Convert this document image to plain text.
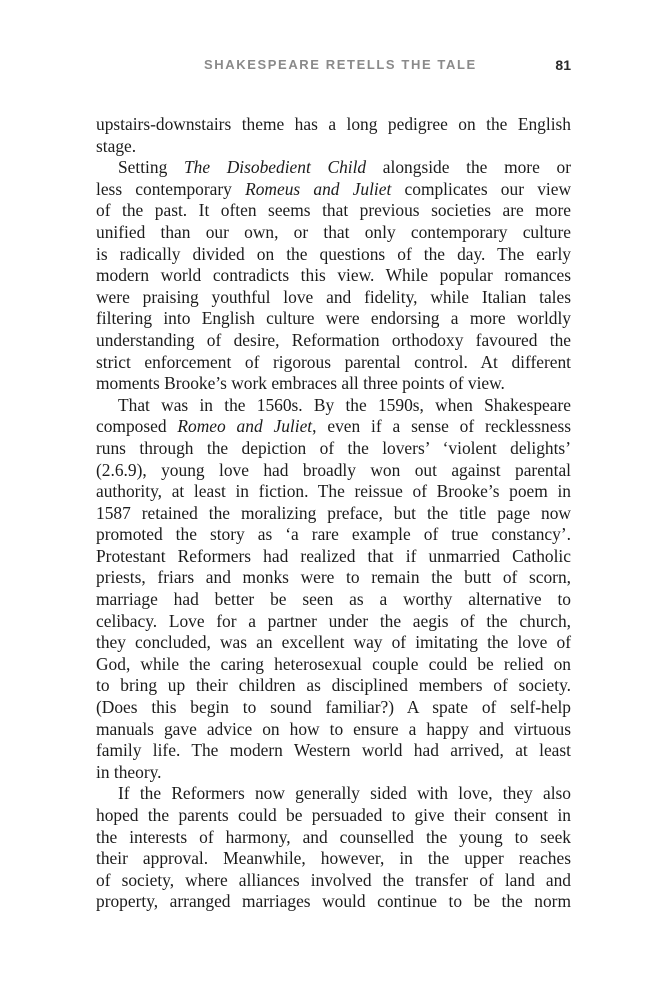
SHAKESPEARE RETELLS THE TALE	81
upstairs-downstairs theme has a long pedigree on the English
stage.
Setting The Disobedient Child alongside the more or
less contemporary Romeus and Juliet complicates our view
of the past. It often seems that previous societies are more
unified than our own, or that only contemporary culture
is radically divided on the questions of the day. The early
modern world contradicts this view. While popular romances
were praising youthful love and fidelity, while Italian tales
filtering into English culture were endorsing a more worldly
understanding of desire, Reformation orthodoxy favoured the
strict enforcement of rigorous parental control. At different
moments Brooke’s work embraces all three points of view.
That was in the 1560s. By the 1590s, when Shakespeare
composed Romeo and Juliet, even if a sense of recklessness
runs through the depiction of the lovers’ ‘violent delights’
(2.6.9), young love had broadly won out against parental
authority, at least in fiction. The reissue of Brooke’s poem in
1587 retained the moralizing preface, but the title page now
promoted the story as ‘a rare example of true constancy’.
Protestant Reformers had realized that if unmarried Catholic
priests, friars and monks were to remain the butt of scorn,
marriage had better be seen as a worthy alternative to
celibacy. Love for a partner under the aegis of the church,
they concluded, was an excellent way of imitating the love of
God, while the caring heterosexual couple could be relied on
to bring up their children as disciplined members of society.
(Does this begin to sound familiar?) A spate of self-help
manuals gave advice on how to ensure a happy and virtuous
family life. The modern Western world had arrived, at least
in theory.
If the Reformers now generally sided with love, they also
hoped the parents could be persuaded to give their consent in
the interests of harmony, and counselled the young to seek
their approval. Meanwhile, however, in the upper reaches
of society, where alliances involved the transfer of land and
property, arranged marriages would continue to be the norm
